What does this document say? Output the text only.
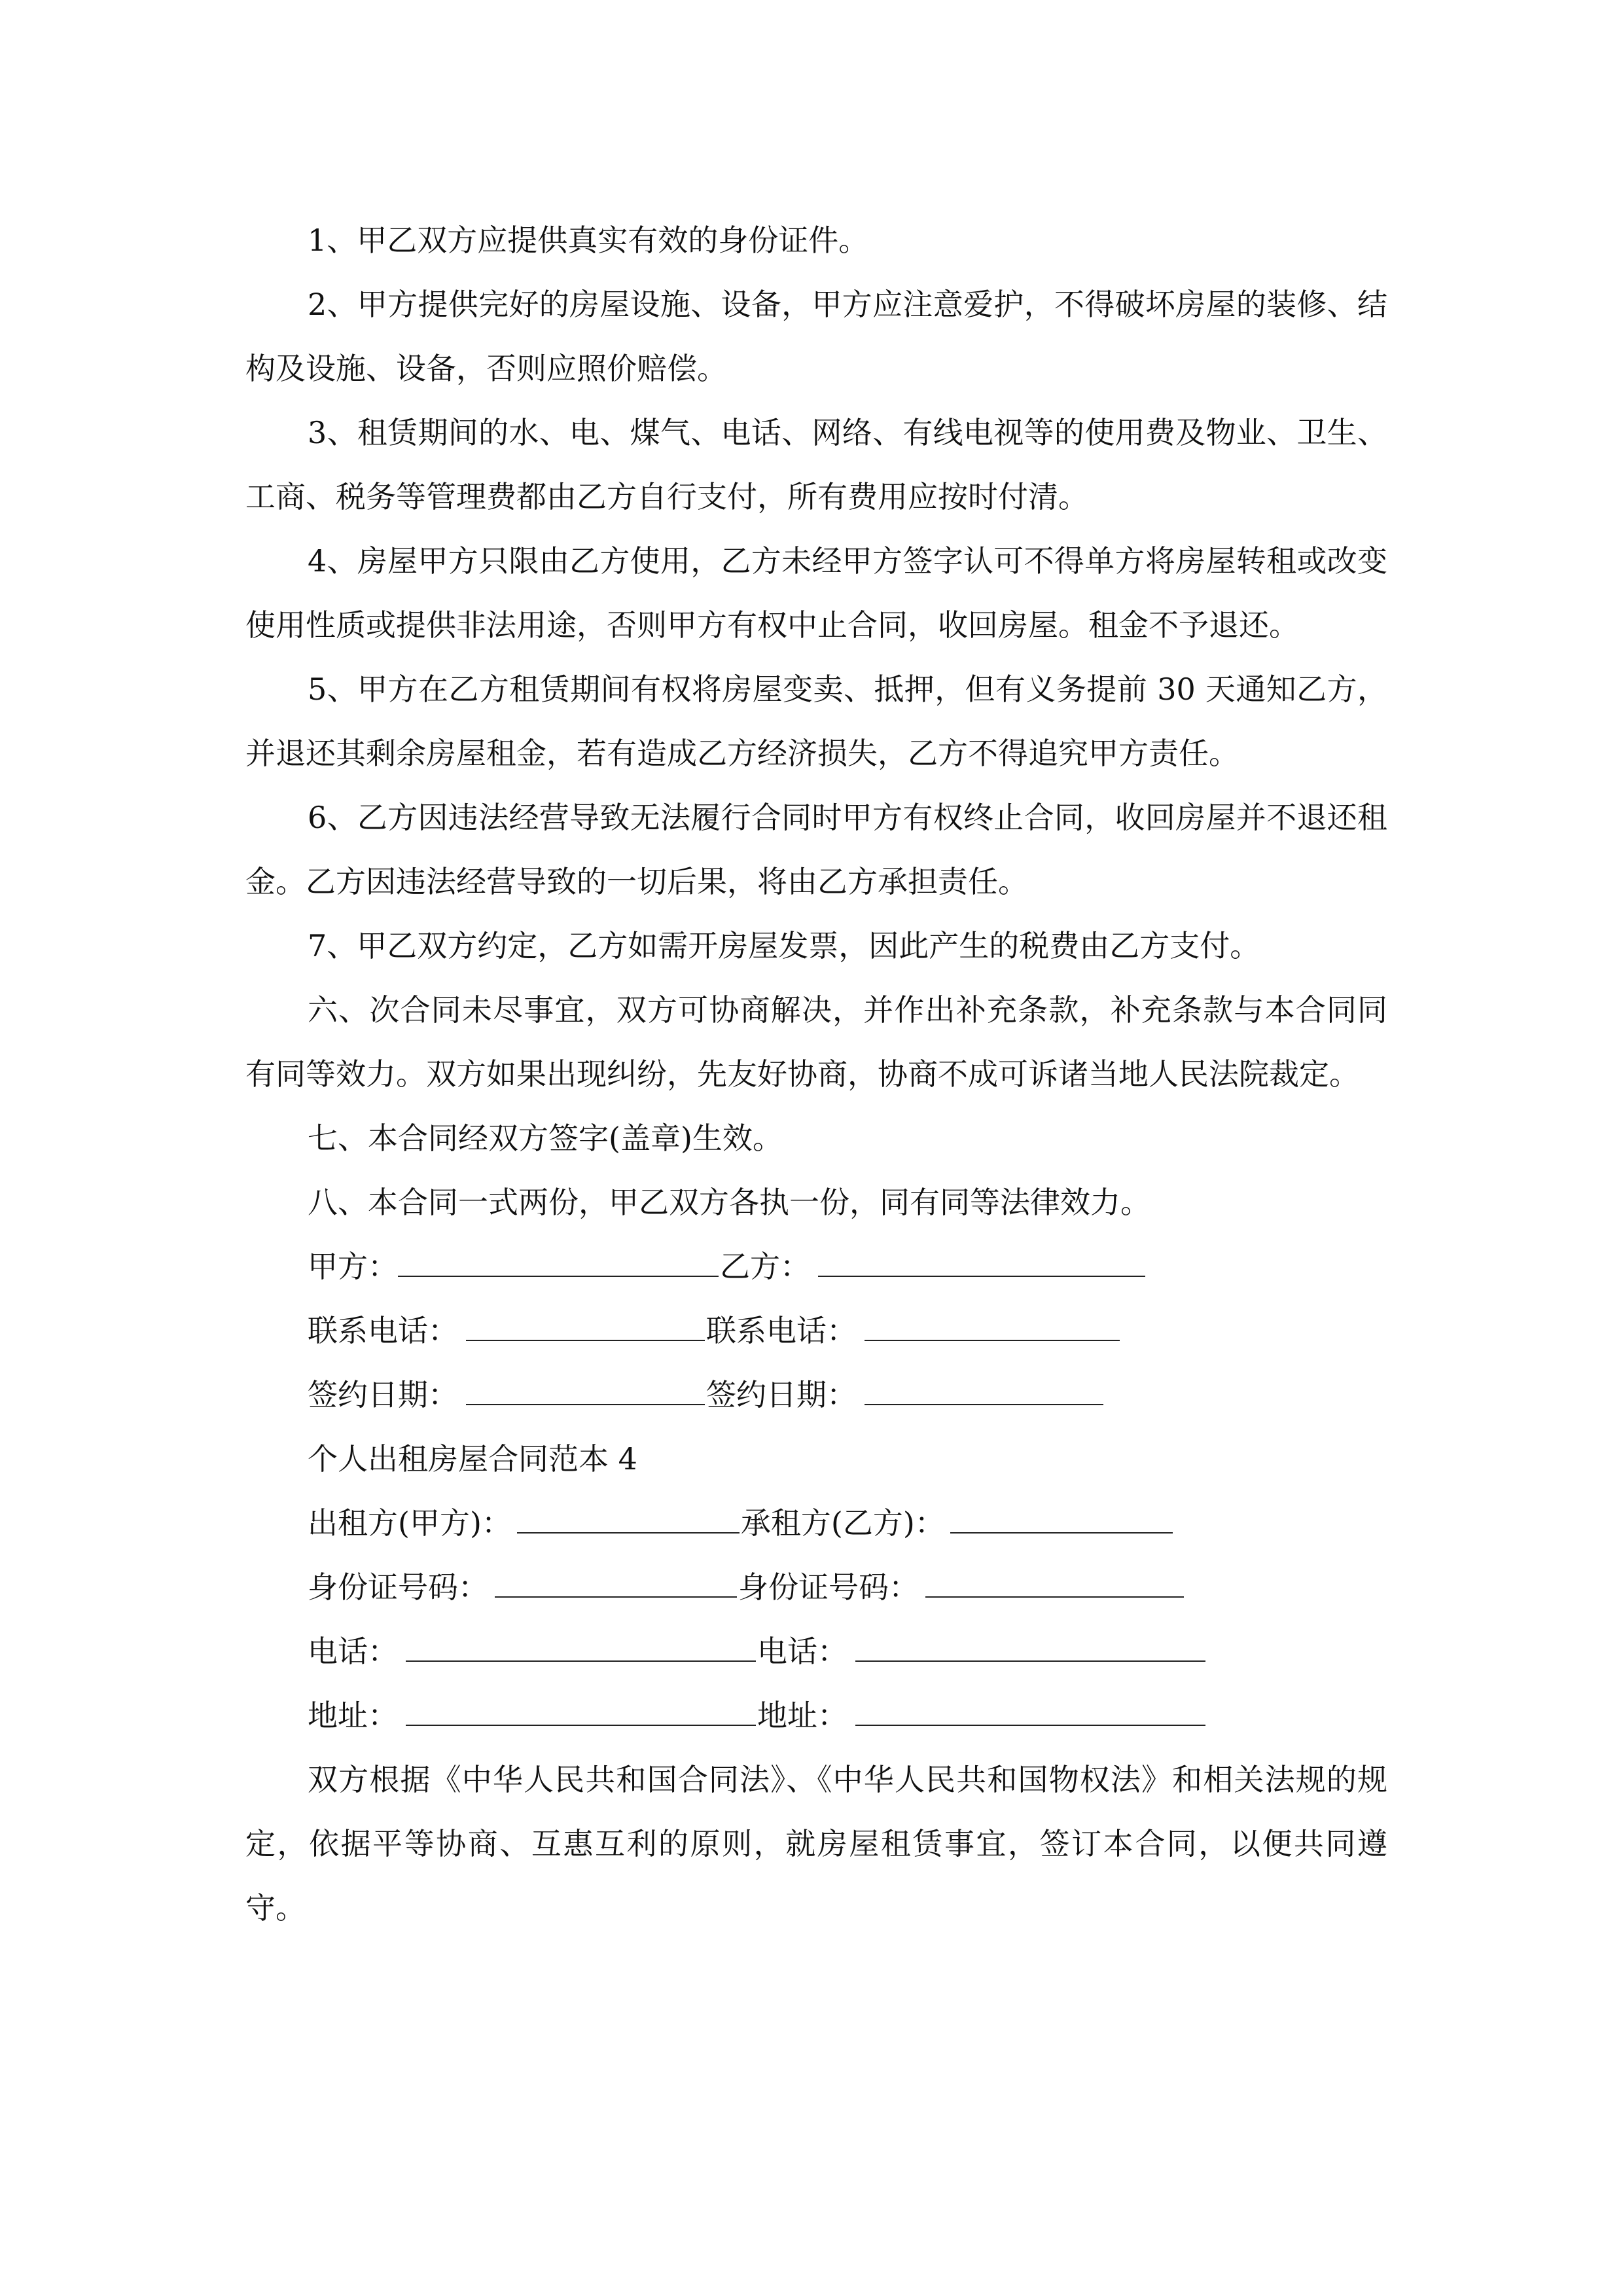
1、甲乙双方应提供真实有效的身份证件。

2、甲方提供完好的房屋设施、设备，甲方应注意爱护，不得破坏房屋的装修、结构及设施、设备，否则应照价赔偿。

3、租赁期间的水、电、煤气、电话、网络、有线电视等的使用费及物业、卫生、工商、税务等管理费都由乙方自行支付，所有费用应按时付清。

4、房屋甲方只限由乙方使用，乙方未经甲方签字认可不得单方将房屋转租或改变使用性质或提供非法用途，否则甲方有权中止合同，收回房屋。租金不予退还。

5、甲方在乙方租赁期间有权将房屋变卖、抵押，但有义务提前 30 天通知乙方，并退还其剩余房屋租金，若有造成乙方经济损失，乙方不得追究甲方责任。

6、乙方因违法经营导致无法履行合同时甲方有权终止合同，收回房屋并不退还租金。乙方因违法经营导致的一切后果，将由乙方承担责任。

7、甲乙双方约定，乙方如需开房屋发票，因此产生的税费由乙方支付。

六、次合同未尽事宜，双方可协商解决，并作出补充条款，补充条款与本合同同有同等效力。双方如果出现纠纷，先友好协商，协商不成可诉诸当地人民法院裁定。

七、本合同经双方签字(盖章)生效。

八、本合同一式两份，甲乙双方各执一份，同有同等法律效力。

甲方：	乙方：
联系电话：	联系电话：
签约日期：	签约日期：
个人出租房屋合同范本 4
出租方(甲方)：	承租方(乙方)：
身份证号码：	身份证号码：
电话：	电话：
地址：	地址：

双方根据《中华人民共和国合同法》、《中华人民共和国物权法》和相关法规的规定，依据平等协商、互惠互利的原则，就房屋租赁事宜，签订本合同，以便共同遵守。
